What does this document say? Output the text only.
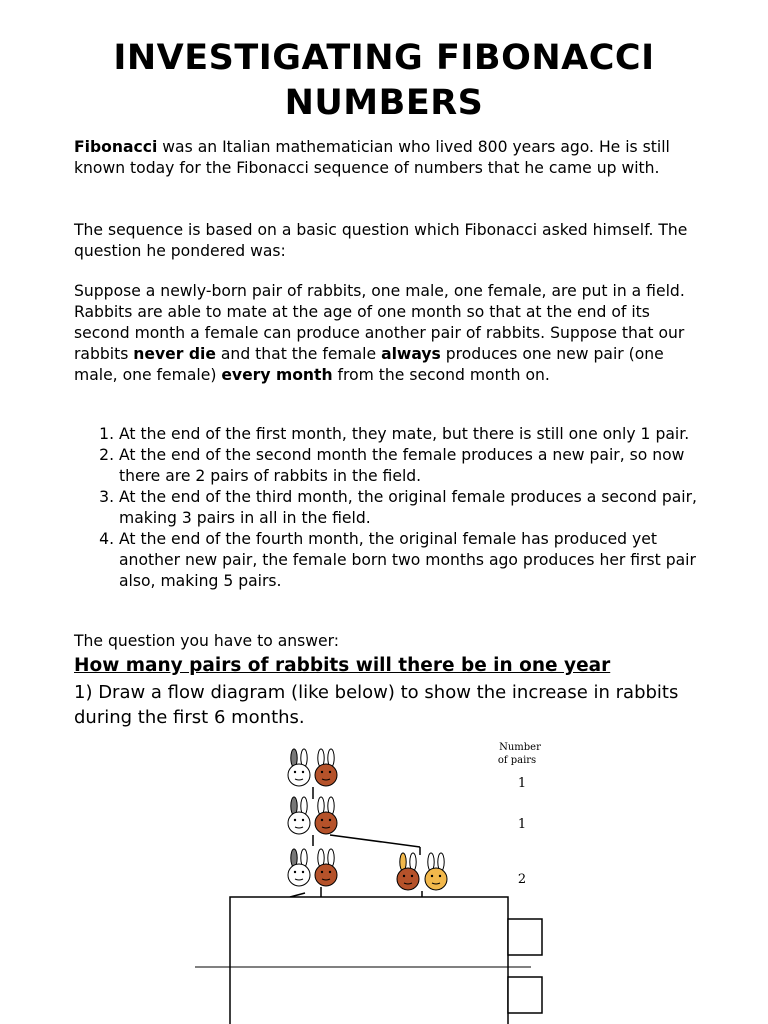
INVESTIGATING FIBONACCI
NUMBERS
Fibonacci was an Italian mathematician who lived 800 years ago. He is still known today for the Fibonacci sequence of numbers that he came up with.
The sequence is based on a basic question which Fibonacci asked himself. The question he pondered was:
Suppose a newly-born pair of rabbits, one male, one female, are put in a field. Rabbits are able to mate at the age of one month so that at the end of its second month a female can produce another pair of rabbits. Suppose that our rabbits never die and that the female always produces one new pair (one male, one female) every month from the second month on.
1. At the end of the first month, they mate, but there is still one only 1 pair.
2. At the end of the second month the female produces a new pair, so now there are 2 pairs of rabbits in the field.
3. At the end of the third month, the original female produces a second pair, making 3 pairs in all in the field.
4. At the end of the fourth month, the original female has produced yet another new pair, the female born two months ago produces her first pair also, making 5 pairs.
The question you have to answer:
How many pairs of rabbits will there be in one year
1) Draw a flow diagram (like below) to show the increase in rabbits during the first 6 months.
Number
of pairs
1
1
2
